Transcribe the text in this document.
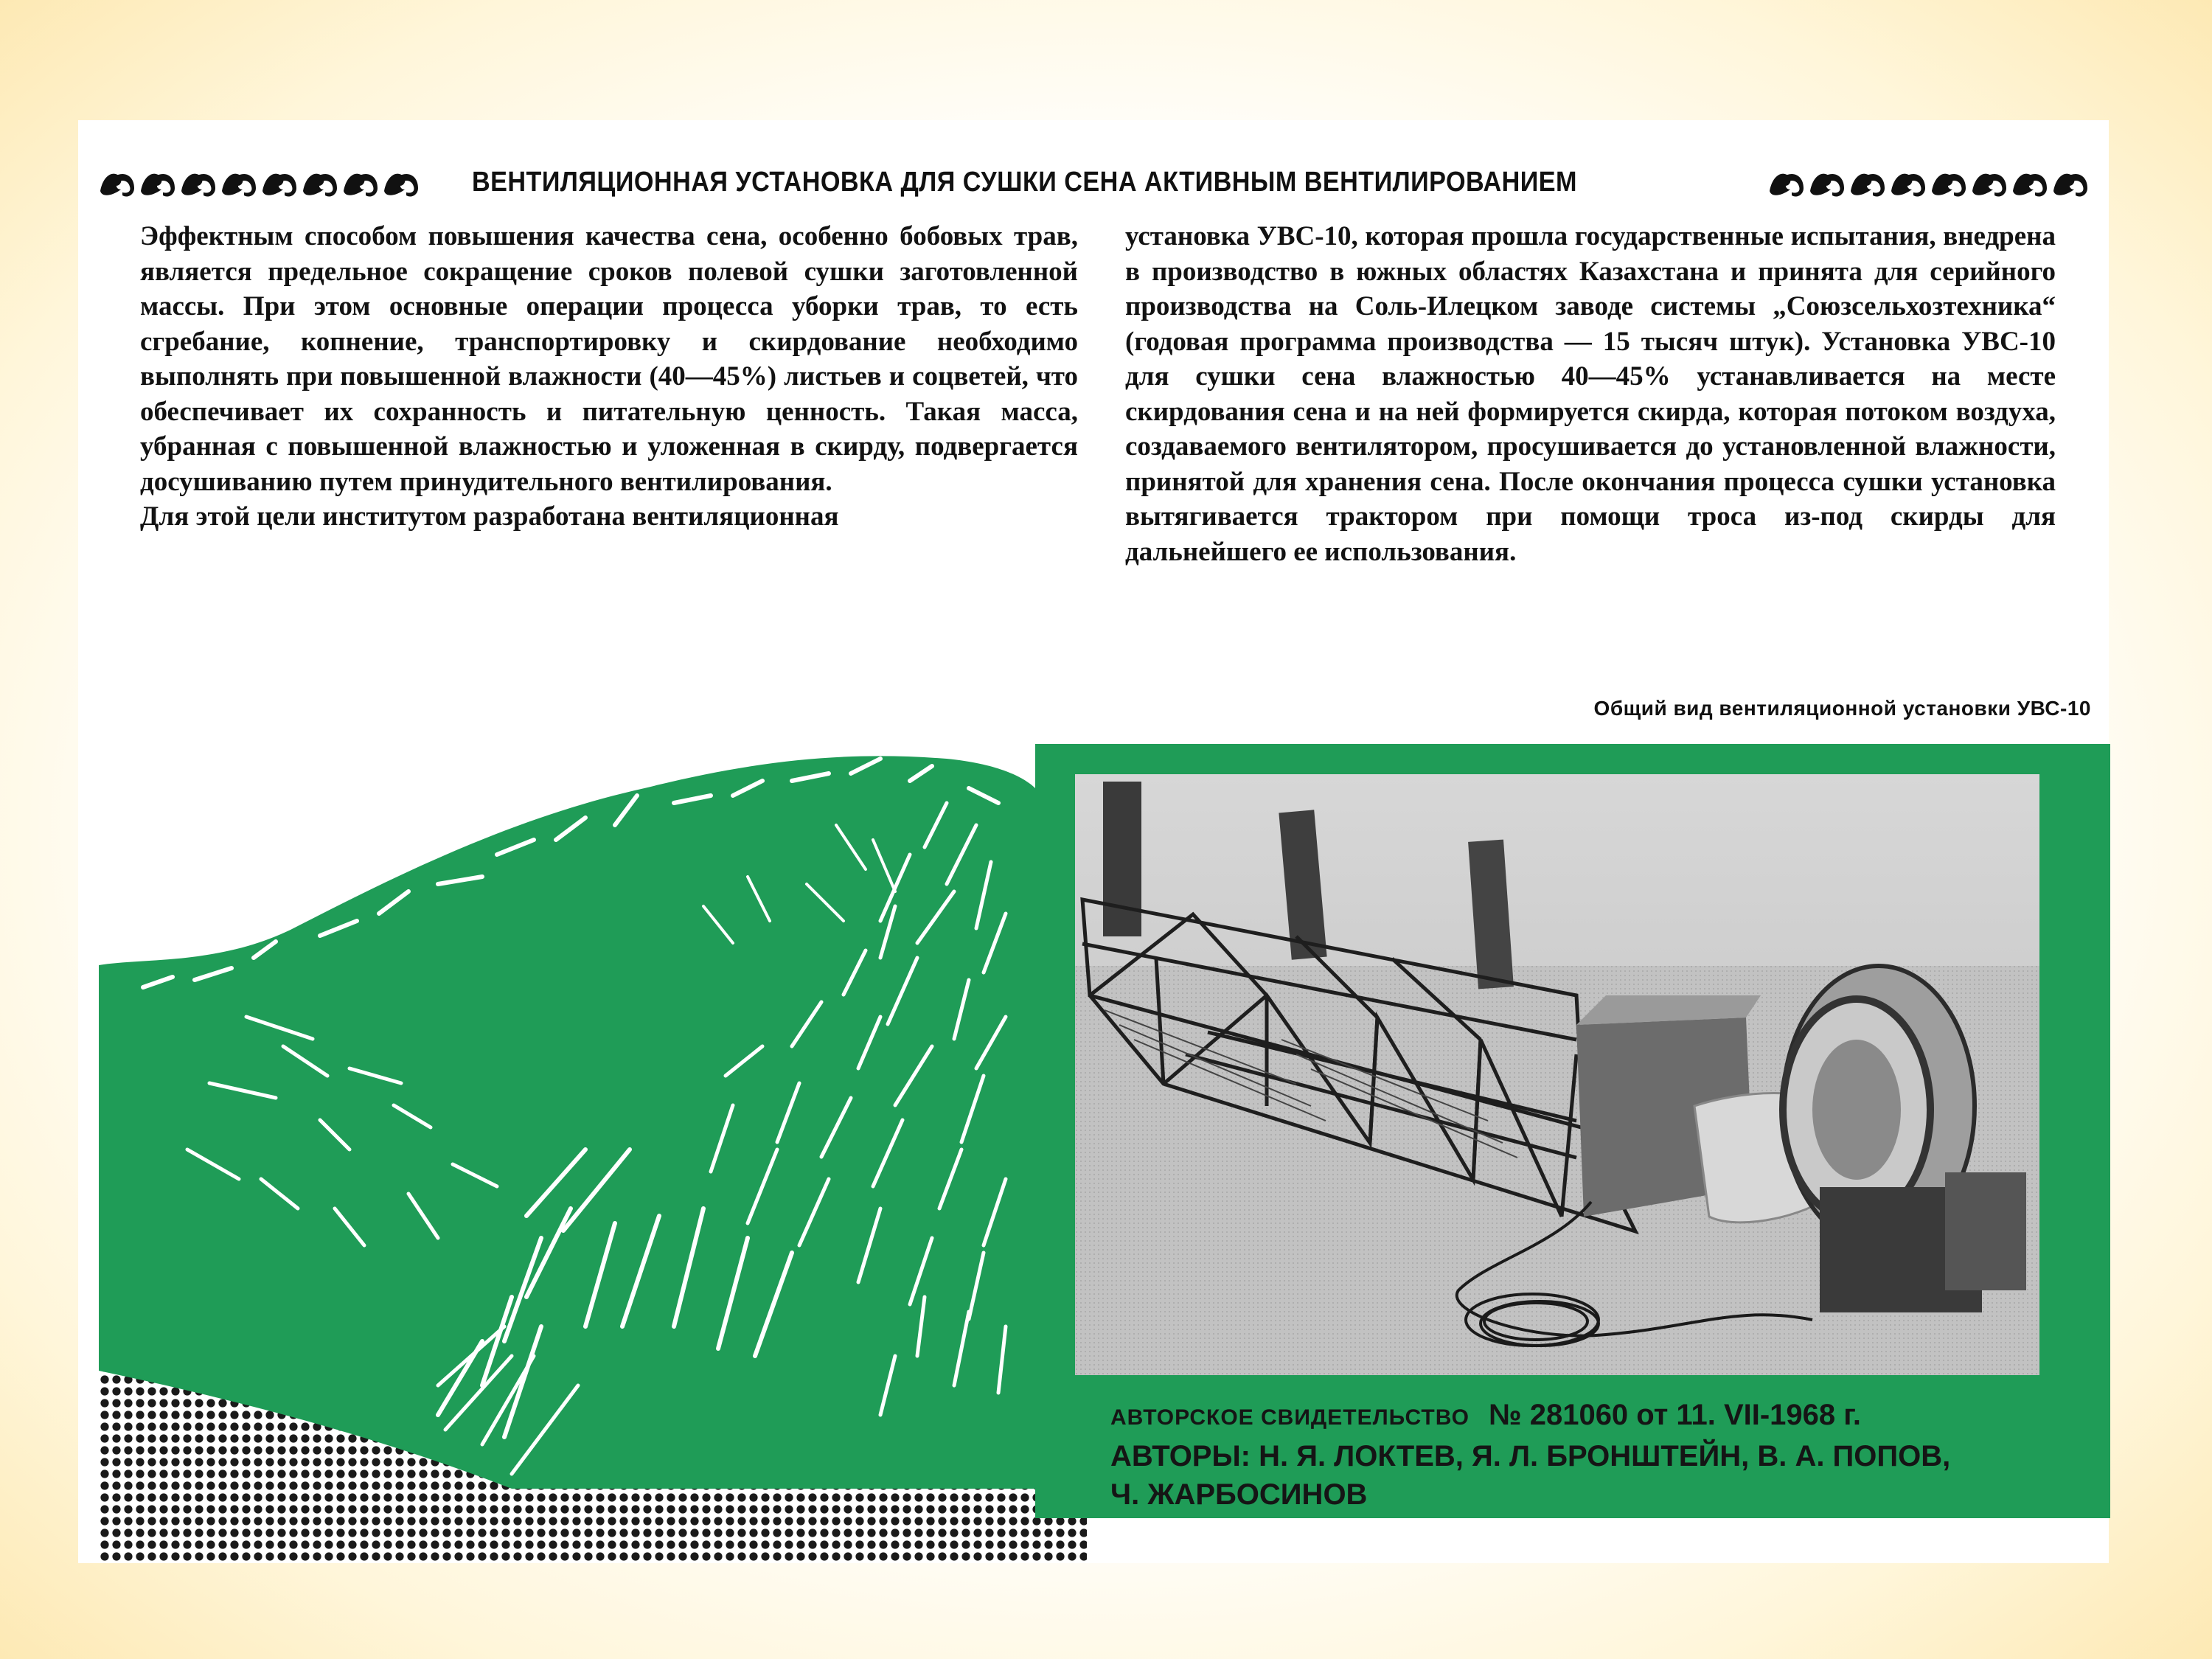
ВЕНТИЛЯЦИОННАЯ УСТАНОВКА ДЛЯ СУШКИ СЕНА АКТИВНЫМ ВЕНТИЛИРОВАНИЕМ

Эффектным способом повышения качества сена, особенно бобовых трав, является предельное сокращение сроков полевой сушки заготовленной массы. При этом основные операции процесса уборки трав, то есть сгребание, копнение, транспортировку и скирдование необходимо выполнять при повышенной влажности (40—45%) листьев и соцветей, что обеспечивает их сохранность и питательную ценность. Такая масса, убранная с повышенной влажностью и уложенная в скирду, подвергается досушиванию путем принудительного вентилирования.

Для этой цели институтом разработана вентиляционная

установка УВС-10, которая прошла государственные испытания, внедрена в производство в южных областях Казахстана и принята для серийного производства на Соль-Илецком заводе системы „Союзсельхозтехника“ (годовая программа производства — 15 тысяч штук). Установка УВС-10 для сушки сена влажностью 40—45% устанавливается на месте скирдования сена и на ней формируется скирда, которая потоком воздуха, создаваемого вентилятором, просушивается до установленной влажности, принятой для хранения сена. После окончания процесса сушки установка вытягивается трактором при помощи троса из-под скирды для дальнейшего ее использования.

Общий вид вентиляционной установки УВС-10
АВТОРСКОЕ СВИДЕТЕЛЬСТВО № 281060 от 11. VII-1968 г.
АВТОРЫ: Н. Я. ЛОКТЕВ, Я. Л. БРОНШТЕЙН, В. А. ПОПОВ,
Ч. ЖАРБОСИНОВ
